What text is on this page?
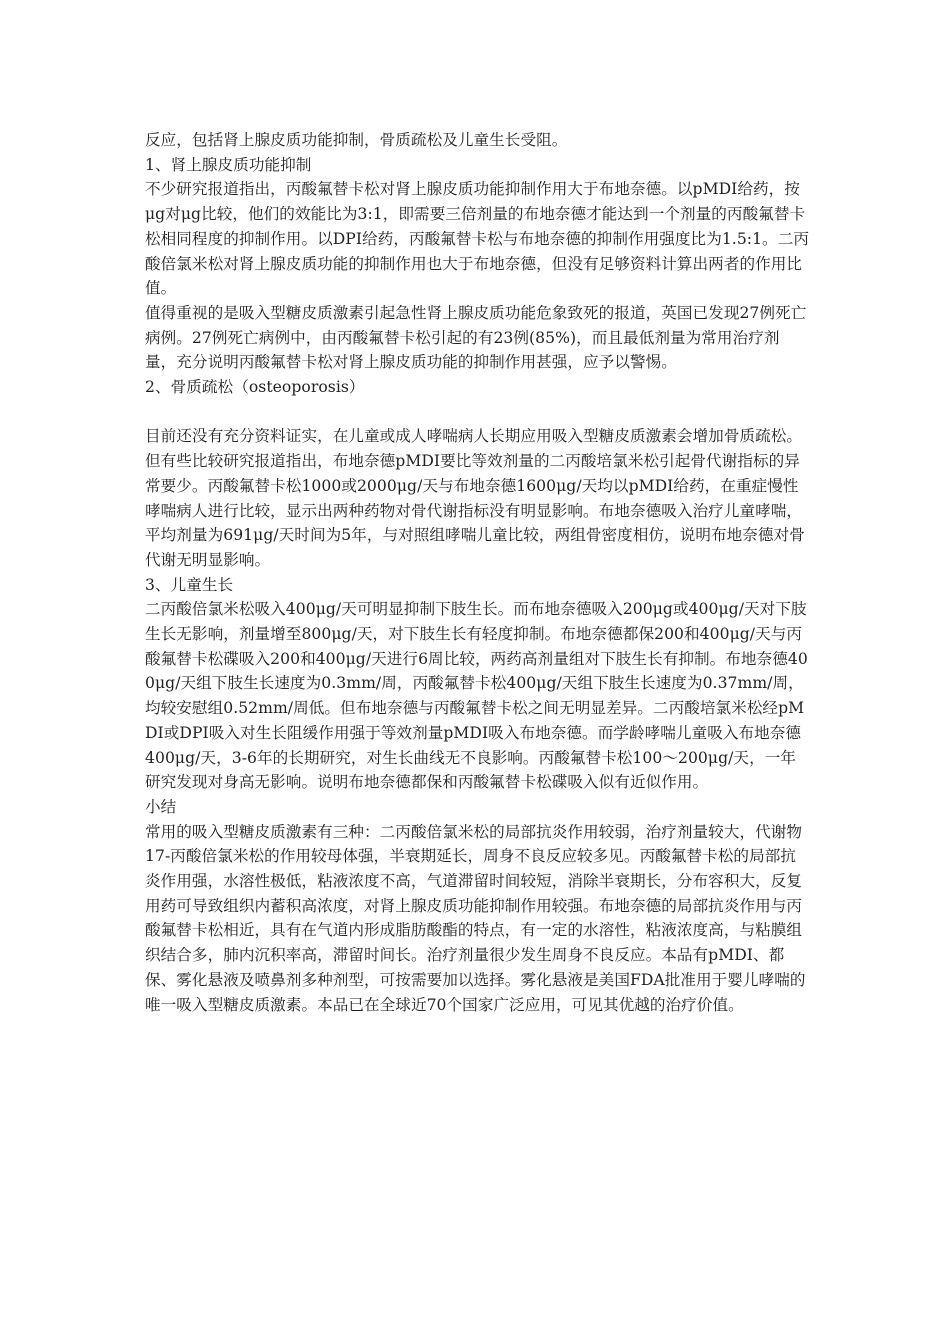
反应，包括肾上腺皮质功能抑制，骨质疏松及儿童生长受阻。

1、肾上腺皮质功能抑制

不少研究报道指出，丙酸氟替卡松对肾上腺皮质功能抑制作用大于布地奈德。以pMDI给药，按μg对μg比较，他们的效能比为3:1，即需要三倍剂量的布地奈德才能达到一个剂量的丙酸氟替卡松相同程度的抑制作用。以DPI给药，丙酸氟替卡松与布地奈德的抑制作用强度比为1.5:1。二丙酸倍氯米松对肾上腺皮质功能的抑制作用也大于布地奈德，但没有足够资料计算出两者的作用比值。

值得重视的是吸入型糖皮质激素引起急性肾上腺皮质功能危象致死的报道，英国已发现27例死亡病例。27例死亡病例中，由丙酸氟替卡松引起的有23例(85%)，而且最低剂量为常用治疗剂量，充分说明丙酸氟替卡松对肾上腺皮质功能的抑制作用甚强，应予以警惕。

2、骨质疏松（osteoporosis）

目前还没有充分资料证实，在儿童或成人哮喘病人长期应用吸入型糖皮质激素会增加骨质疏松。但有些比较研究报道指出，布地奈德pMDI要比等效剂量的二丙酸培氯米松引起骨代谢指标的异常要少。丙酸氟替卡松1000或2000μg/天与布地奈德1600μg/天均以pMDI给药，在重症慢性哮喘病人进行比较，显示出两种药物对骨代谢指标没有明显影响。布地奈德吸入治疗儿童哮喘，平均剂量为691μg/天时间为5年，与对照组哮喘儿童比较，两组骨密度相仿，说明布地奈德对骨代谢无明显影响。

3、儿童生长

二丙酸倍氯米松吸入400μg/天可明显抑制下肢生长。而布地奈德吸入200μg或400μg/天对下肢生长无影响，剂量增至800μg/天，对下肢生长有轻度抑制。布地奈德都保200和400μg/天与丙酸氟替卡松碟吸入200和400μg/天进行6周比较，两药高剂量组对下肢生长有抑制。布地奈德400μg/天组下肢生长速度为0.3mm/周，丙酸氟替卡松400μg/天组下肢生长速度为0.37mm/周，均较安慰组0.52mm/周低。但布地奈德与丙酸氟替卡松之间无明显差异。二丙酸培氯米松经pMDI或DPI吸入对生长阻缓作用强于等效剂量pMDI吸入布地奈德。而学龄哮喘儿童吸入布地奈德400μg/天，3-6年的长期研究，对生长曲线无不良影响。丙酸氟替卡松100～200μg/天，一年研究发现对身高无影响。说明布地奈德都保和丙酸氟替卡松碟吸入似有近似作用。

小结

常用的吸入型糖皮质激素有三种：二丙酸倍氯米松的局部抗炎作用较弱，治疗剂量较大，代谢物17-丙酸倍氯米松的作用较母体强，半衰期延长，周身不良反应较多见。丙酸氟替卡松的局部抗炎作用强，水溶性极低，粘液浓度不高，气道滞留时间较短，消除半衰期长，分布容积大，反复用药可导致组织内蓄积高浓度，对肾上腺皮质功能抑制作用较强。布地奈德的局部抗炎作用与丙酸氟替卡松相近，具有在气道内形成脂肪酸酯的特点，有一定的水溶性，粘液浓度高，与粘膜组织结合多，肺内沉积率高，滞留时间长。治疗剂量很少发生周身不良反应。本品有pMDI、都保、雾化悬液及喷鼻剂多种剂型，可按需要加以选择。雾化悬液是美国FDA批准用于婴儿哮喘的唯一吸入型糖皮质激素。本品已在全球近70个国家广泛应用，可见其优越的治疗价值。
